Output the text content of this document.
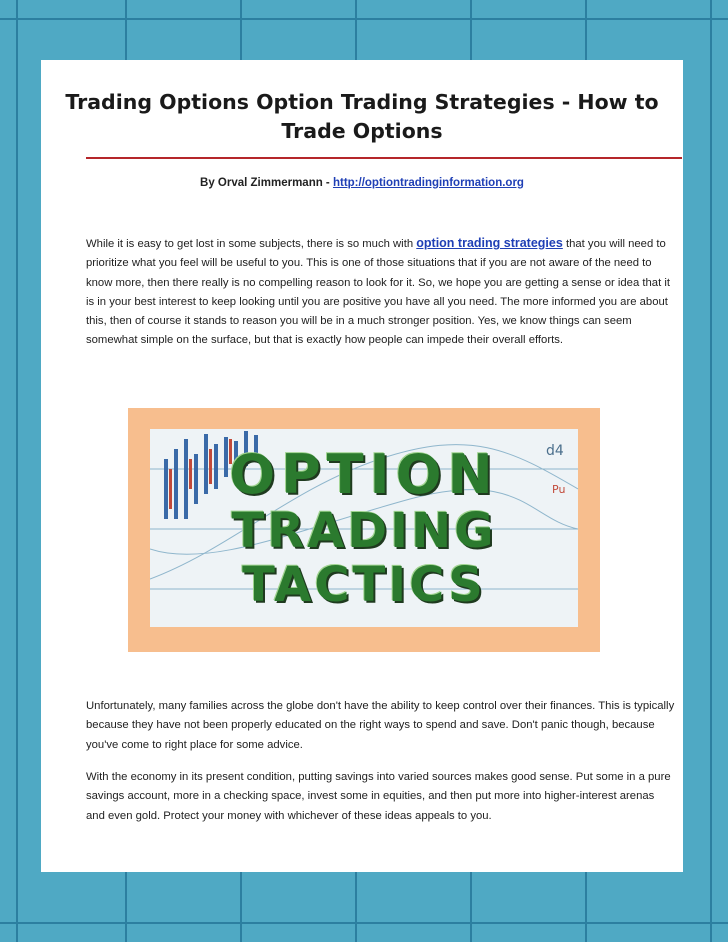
Trading Options Option Trading Strategies - How to Trade Options
By Orval Zimmermann - http://optiontradinginformation.org
While it is easy to get lost in some subjects, there is so much with option trading strategies that you will need to prioritize what you feel will be useful to you. This is one of those situations that if you are not aware of the need to know more, then there really is no compelling reason to look for it. So, we hope you are getting a sense or idea that it is in your best interest to keep looking until you are positive you have all you need. The more informed you are about this, then of course it stands to reason you will be in a much stronger position. Yes, we know things can seem somewhat simple on the surface, but that is exactly how people can impede their overall efforts.
d4
Pu
OPTION
TRADING
TACTICS
Unfortunately, many families across the globe don't have the ability to keep control over their finances. This is typically because they have not been properly educated on the right ways to spend and save. Don't panic though, because you've come to right place for some advice.
With the economy in its present condition, putting savings into varied sources makes good sense. Put some in a pure savings account, more in a checking space, invest some in equities, and then put more into higher-interest arenas and even gold. Protect your money with whichever of these ideas appeals to you.
